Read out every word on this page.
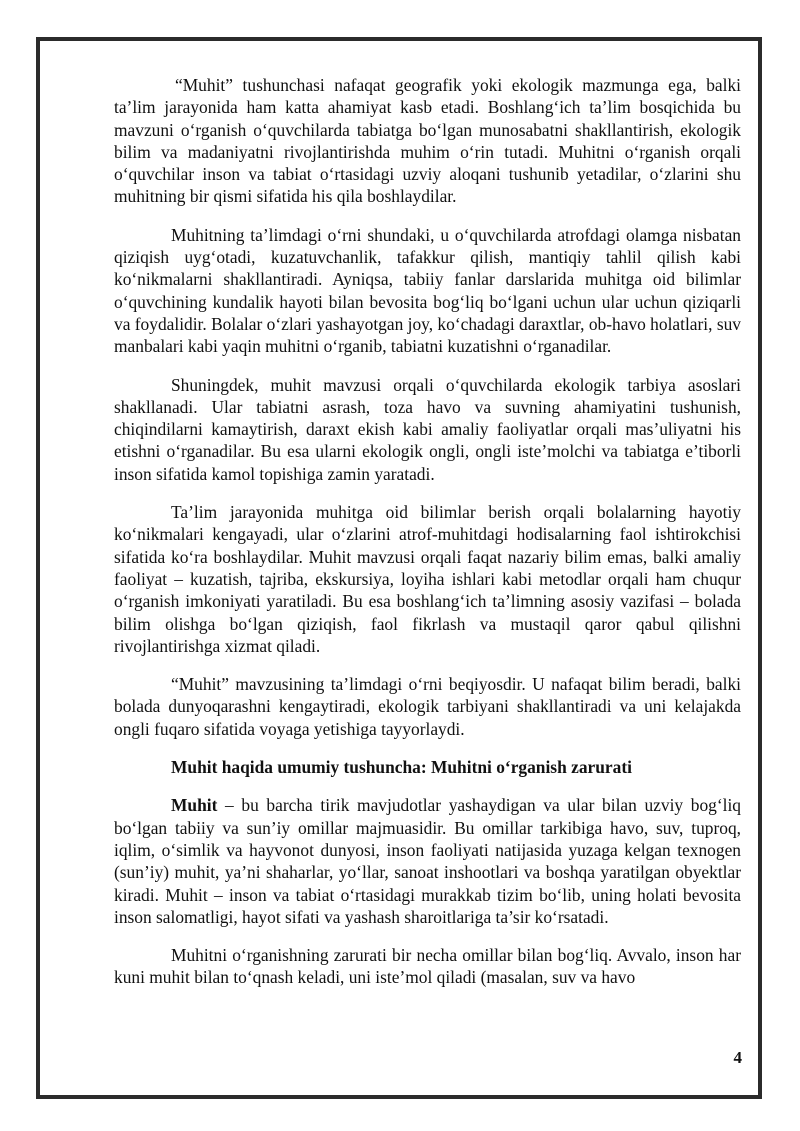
“Muhit” tushunchasi nafaqat geografik yoki ekologik mazmunga ega, balki ta’lim jarayonida ham katta ahamiyat kasb etadi. Boshlang‘ich ta’lim bosqichida bu mavzuni o‘rganish o‘quvchilarda tabiatga bo‘lgan munosabatni shakllantirish, ekologik bilim va madaniyatni rivojlantirishda muhim o‘rin tutadi. Muhitni o‘rganish orqali o‘quvchilar inson va tabiat o‘rtasidagi uzviy aloqani tushunib yetadilar, o‘zlarini shu muhitning bir qismi sifatida his qila boshlaydilar.

Muhitning ta’limdagi o‘rni shundaki, u o‘quvchilarda atrofdagi olamga nisbatan qiziqish uyg‘otadi, kuzatuvchanlik, tafakkur qilish, mantiqiy tahlil qilish kabi ko‘nikmalarni shakllantiradi. Ayniqsa, tabiiy fanlar darslarida muhitga oid bilimlar o‘quvchining kundalik hayoti bilan bevosita bog‘liq bo‘lgani uchun ular uchun qiziqarli va foydalidir. Bolalar o‘zlari yashayotgan joy, ko‘chadagi daraxtlar, ob-havo holatlari, suv manbalari kabi yaqin muhitni o‘rganib, tabiatni kuzatishni o‘rganadilar.

Shuningdek, muhit mavzusi orqali o‘quvchilarda ekologik tarbiya asoslari shakllanadi. Ular tabiatni asrash, toza havo va suvning ahamiyatini tushunish, chiqindilarni kamaytirish, daraxt ekish kabi amaliy faoliyatlar orqali mas’uliyatni his etishni o‘rganadilar. Bu esa ularni ekologik ongli, ongli iste’molchi va tabiatga e’tiborli inson sifatida kamol topishiga zamin yaratadi.

Ta’lim jarayonida muhitga oid bilimlar berish orqali bolalarning hayotiy ko‘nikmalari kengayadi, ular o‘zlarini atrof-muhitdagi hodisalarning faol ishtirokchisi sifatida ko‘ra boshlaydilar. Muhit mavzusi orqali faqat nazariy bilim emas, balki amaliy faoliyat – kuzatish, tajriba, ekskursiya, loyiha ishlari kabi metodlar orqali ham chuqur o‘rganish imkoniyati yaratiladi. Bu esa boshlang‘ich ta’limning asosiy vazifasi – bolada bilim olishga bo‘lgan qiziqish, faol fikrlash va mustaqil qaror qabul qilishni rivojlantirishga xizmat qiladi.

“Muhit” mavzusining ta’limdagi o‘rni beqiyosdir. U nafaqat bilim beradi, balki bolada dunyoqarashni kengaytiradi, ekologik tarbiyani shakllantiradi va uni kelajakda ongli fuqaro sifatida voyaga yetishiga tayyorlaydi.

Muhit haqida umumiy tushuncha: Muhitni o‘rganish zarurati

Muhit – bu barcha tirik mavjudotlar yashaydigan va ular bilan uzviy bog‘liq bo‘lgan tabiiy va sun’iy omillar majmuasidir. Bu omillar tarkibiga havo, suv, tuproq, iqlim, o‘simlik va hayvonot dunyosi, inson faoliyati natijasida yuzaga kelgan texnogen (sun’iy) muhit, ya’ni shaharlar, yo‘llar, sanoat inshootlari va boshqa yaratilgan obyektlar kiradi. Muhit – inson va tabiat o‘rtasidagi murakkab tizim bo‘lib, uning holati bevosita inson salomatligi, hayot sifati va yashash sharoitlariga ta’sir ko‘rsatadi.

Muhitni o‘rganishning zarurati bir necha omillar bilan bog‘liq. Avvalo, inson har kuni muhit bilan to‘qnash keladi, uni iste’mol qiladi (masalan, suv va havo

4
